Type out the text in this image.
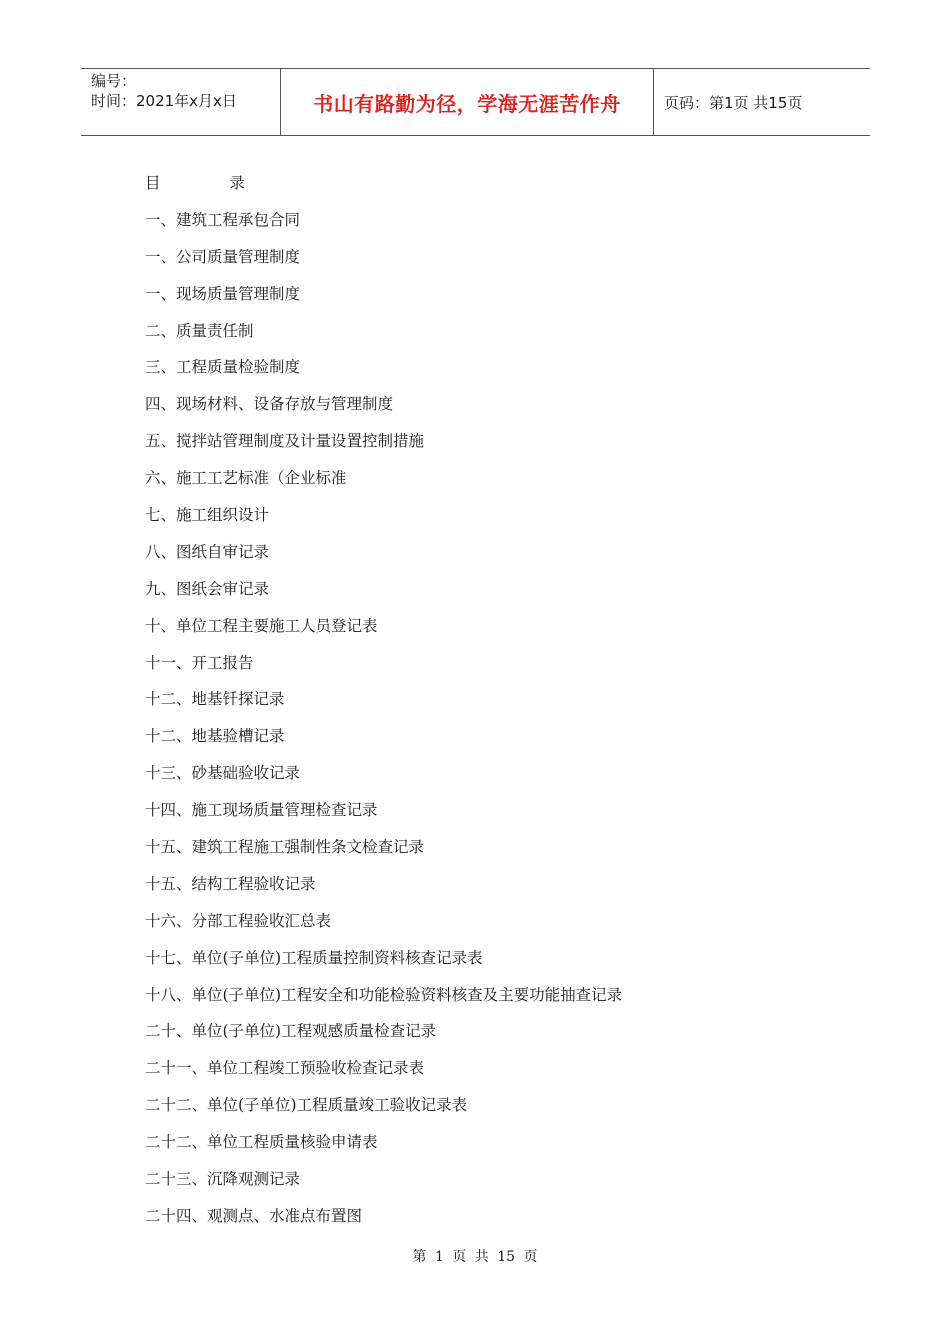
编号：
时间：2021年x月x日	书山有路勤为径，学海无涯苦作舟	页码：第1页 共15页
目 录
一、建筑工程承包合同
一、公司质量管理制度
一、现场质量管理制度
二、质量责任制
三、工程质量检验制度
四、现场材料、设备存放与管理制度
五、搅拌站管理制度及计量设置控制措施
六、施工工艺标准（企业标准
七、施工组织设计
八、图纸自审记录
九、图纸会审记录
十、单位工程主要施工人员登记表
十一、开工报告
十二、地基钎探记录
十二、地基验槽记录
十三、砂基础验收记录
十四、施工现场质量管理检查记录
十五、建筑工程施工强制性条文检查记录
十五、结构工程验收记录
十六、分部工程验收汇总表
十七、单位(子单位)工程质量控制资料核查记录表
十八、单位(子单位)工程安全和功能检验资料核查及主要功能抽查记录
二十、单位(子单位)工程观感质量检查记录
二十一、单位工程竣工预验收检查记录表
二十二、单位(子单位)工程质量竣工验收记录表
二十二、单位工程质量核验申请表
二十三、沉降观测记录
二十四、观测点、水准点布置图
第 1 页 共 15 页
